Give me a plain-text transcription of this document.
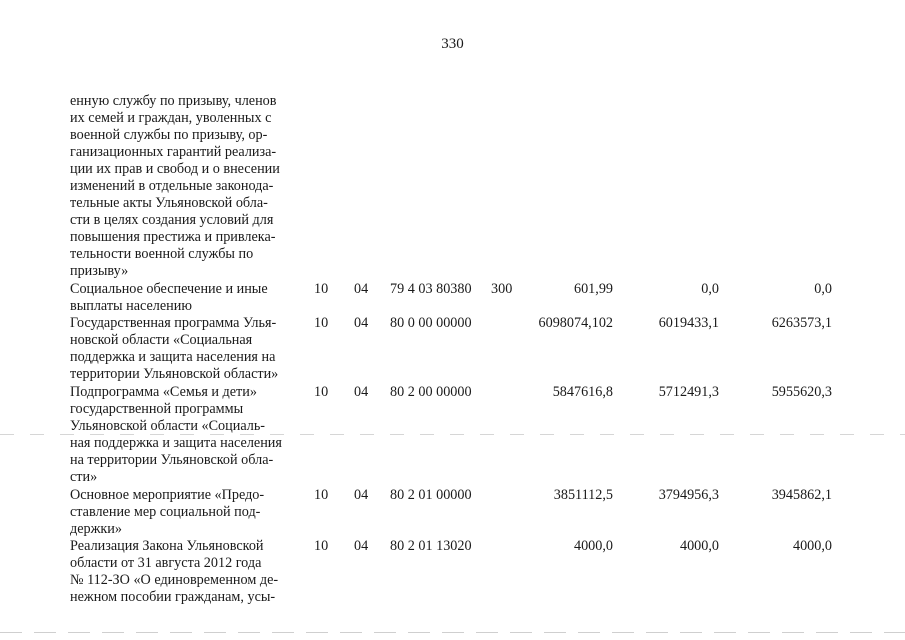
330
енную службу по призыву, членов
их семей и граждан, уволенных с
военной службы по призыву, ор-
ганизационных гарантий реализа-
ции их прав и свобод и о внесении
изменений в отдельные законода-
тельные акты Ульяновской обла-
сти в целях создания условий для
повышения престижа и привлека-
тельности военной службы по
призыву»
Социальное обеспечение и иные
выплаты населению
10 04 79 4 03 80380 300	601,99	0,0	0,0
Государственная программа Улья-
новской области «Социальная
поддержка и защита населения на
территории Ульяновской области»
10 04 80 0 00 00000	6098074,102	6019433,1	6263573,1
Подпрограмма «Семья и дети»
государственной программы
Ульяновской области «Социаль-
ная поддержка и защита населения
на территории Ульяновской обла-
сти»
10 04 80 2 00 00000	5847616,8	5712491,3	5955620,3
Основное мероприятие «Предо-
ставление мер социальной под-
держки»
10 04 80 2 01 00000	3851112,5	3794956,3	3945862,1
Реализация Закона Ульяновской
области от 31 августа 2012 года
№ 112-ЗО «О единовременном де-
нежном пособии гражданам, усы-
10 04 80 2 01 13020	4000,0	4000,0	4000,0
